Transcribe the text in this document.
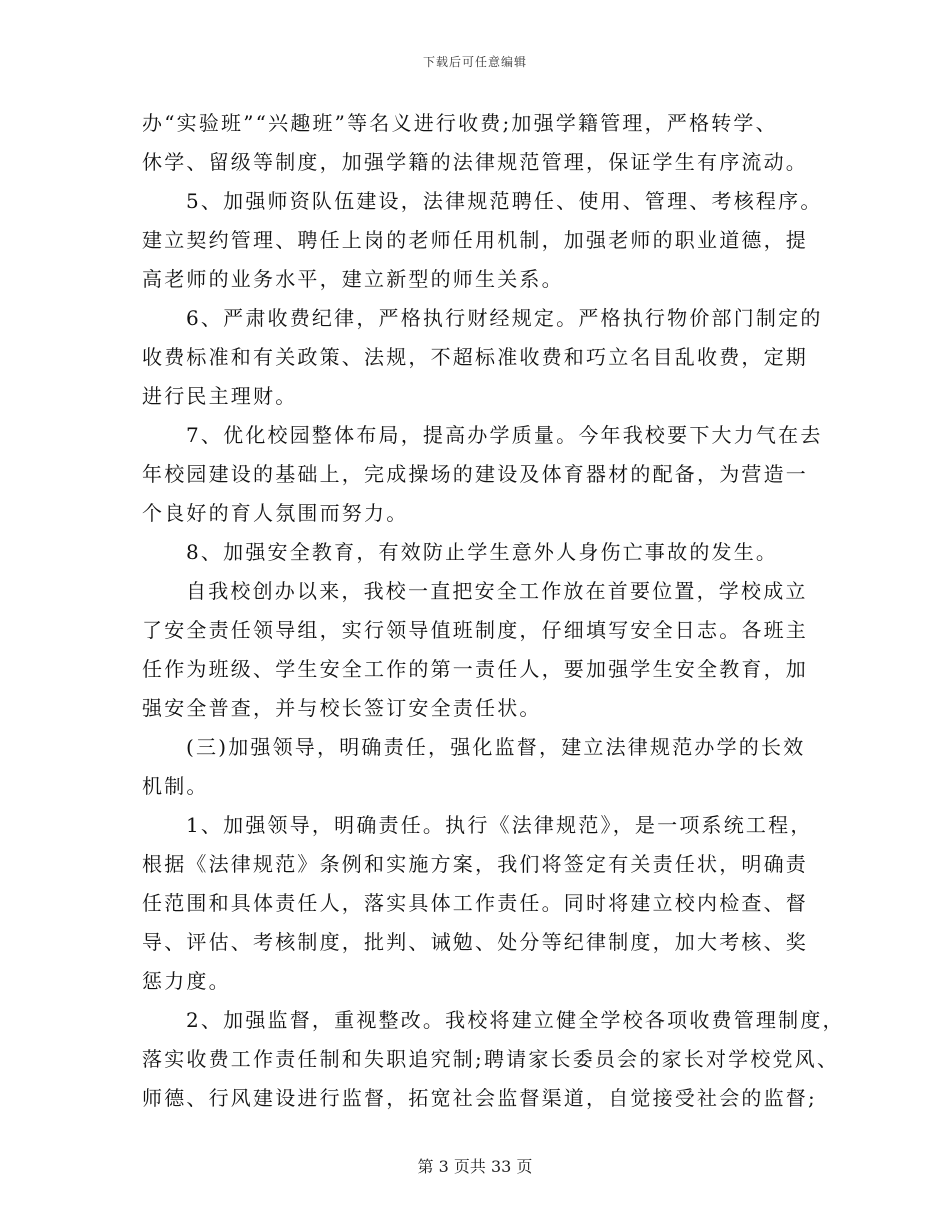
下载后可任意编辑
办“实验班”“兴趣班”等名义进行收费;加强学籍管理，严格转学、
休学、留级等制度，加强学籍的法律规范管理，保证学生有序流动。
5、加强师资队伍建设，法律规范聘任、使用、管理、考核程序。
建立契约管理、聘任上岗的老师任用机制，加强老师的职业道德，提
高老师的业务水平，建立新型的师生关系。
6、严肃收费纪律，严格执行财经规定。严格执行物价部门制定的
收费标准和有关政策、法规，不超标准收费和巧立名目乱收费，定期
进行民主理财。
7、优化校园整体布局，提高办学质量。今年我校要下大力气在去
年校园建设的基础上，完成操场的建设及体育器材的配备，为营造一
个良好的育人氛围而努力。
8、加强安全教育，有效防止学生意外人身伤亡事故的发生。
自我校创办以来，我校一直把安全工作放在首要位置，学校成立
了安全责任领导组，实行领导值班制度，仔细填写安全日志。各班主
任作为班级、学生安全工作的第一责任人，要加强学生安全教育，加
强安全普查，并与校长签订安全责任状。
(三)加强领导，明确责任，强化监督，建立法律规范办学的长效
机制。
1、加强领导，明确责任。执行《法律规范》，是一项系统工程，
根据《法律规范》条例和实施方案，我们将签定有关责任状，明确责
任范围和具体责任人，落实具体工作责任。同时将建立校内检查、督
导、评估、考核制度，批判、诫勉、处分等纪律制度，加大考核、奖
惩力度。
2、加强监督，重视整改。我校将建立健全学校各项收费管理制度，
落实收费工作责任制和失职追究制;聘请家长委员会的家长对学校党风、
师德、行风建设进行监督，拓宽社会监督渠道，自觉接受社会的监督;
第 3 页共 33 页
